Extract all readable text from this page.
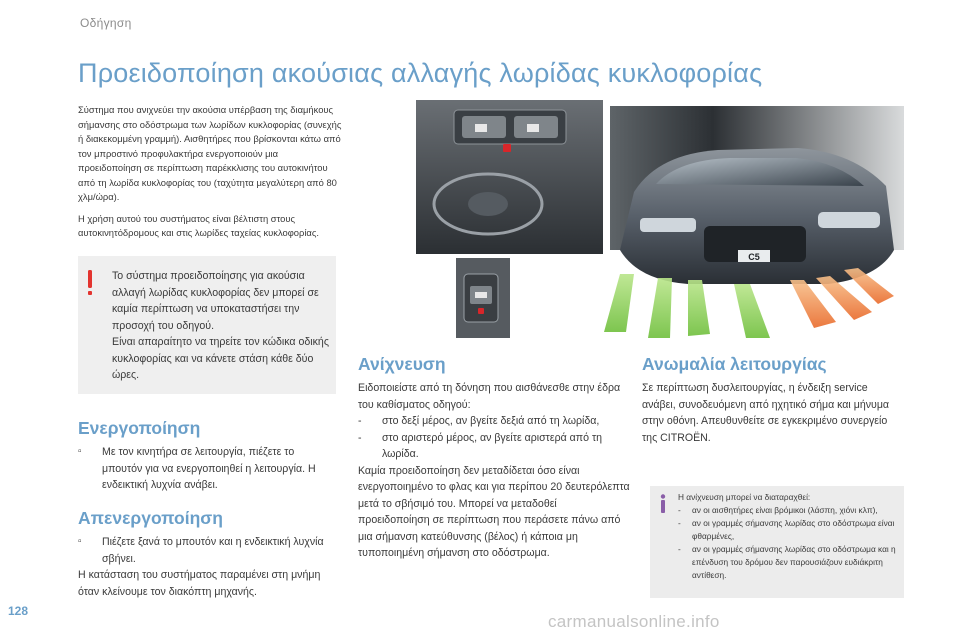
Οδήγηση
Προειδοποίηση ακούσιας αλλαγής λωρίδας κυκλοφορίας

Σύστημα που ανιχνεύει την ακούσια υπέρβαση της διαμήκους σήμανσης στο οδόστρωμα των λωρίδων κυκλοφορίας (συνεχής ή διακεκομμένη γραμμή). Αισθητήρες που βρίσκονται κάτω από τον μπροστινό προφυλακτήρα ενεργοποιούν μια προειδοποίηση σε περίπτωση παρέκκλισης του αυτοκινήτου από τη λωρίδα κυκλοφορίας του (ταχύτητα μεγαλύτερη από 80 χλμ/ώρα).

Η χρήση αυτού του συστήματος είναι βέλτιστη στους αυτοκινητόδρομους και στις λωρίδες ταχείας κυκλοφορίας.

Το σύστημα προειδοποίησης για ακούσια αλλαγή λωρίδας κυκλοφορίας δεν μπορεί σε καμία περίπτωση να υποκαταστήσει την προσοχή του οδηγού.
Είναι απαραίτητο να τηρείτε τον κώδικα οδικής κυκλοφορίας και να κάνετε στάση κάθε δύο ώρες.
Ενεργοποίηση
▫	Με τον κινητήρα σε λειτουργία, πιέζετε το μπουτόν για να ενεργοποιηθεί η λειτουργία. Η ενδεικτική λυχνία ανάβει.
Απενεργοποίηση
▫	Πιέζετε ξανά το μπουτόν και η ενδεικτική λυχνία σβήνει.
Η κατάσταση του συστήματος παραμένει στη μνήμη όταν κλείνουμε τον διακόπτη μηχανής.
C5
Ανίχνευση
Ειδοποιείστε από τη δόνηση που αισθάνεσθε στην έδρα του καθίσματος οδηγού:
-	στο δεξί μέρος, αν βγείτε δεξιά από τη λωρίδα,
-	στο αριστερό μέρος, αν βγείτε αριστερά από τη λωρίδα.
Καμία προειδοποίηση δεν μεταδίδεται όσο είναι ενεργοποιημένο το φλας και για περίπου 20 δευτερόλεπτα μετά το σβήσιμό του. Μπορεί να μεταδοθεί προειδοποίηση σε περίπτωση που περάσετε πάνω από μια σήμανση κατεύθυνσης (βέλος) ή κάποια μη τυποποιημένη σήμανση στο οδόστρωμα.
Ανωμαλία λειτουργίας
Σε περίπτωση δυσλειτουργίας, η ένδειξη service ανάβει, συνοδευόμενη από ηχητικό σήμα και μήνυμα στην οθόνη. Απευθυνθείτε σε εγκεκριμένο συνεργείο της CITROËN.
Η ανίχνευση μπορεί να διαταραχθεί:
-	αν οι αισθητήρες είναι βρόμικοι (λάσπη, χιόνι κλπ),
-	αν οι γραμμές σήμανσης λωρίδας στο οδόστρωμα είναι φθαρμένες,
-	αν οι γραμμές σήμανσης λωρίδας στο οδόστρωμα και η επένδυση του δρόμου δεν παρουσιάζουν ευδιάκριτη αντίθεση.
128
carmanualsonline.info
